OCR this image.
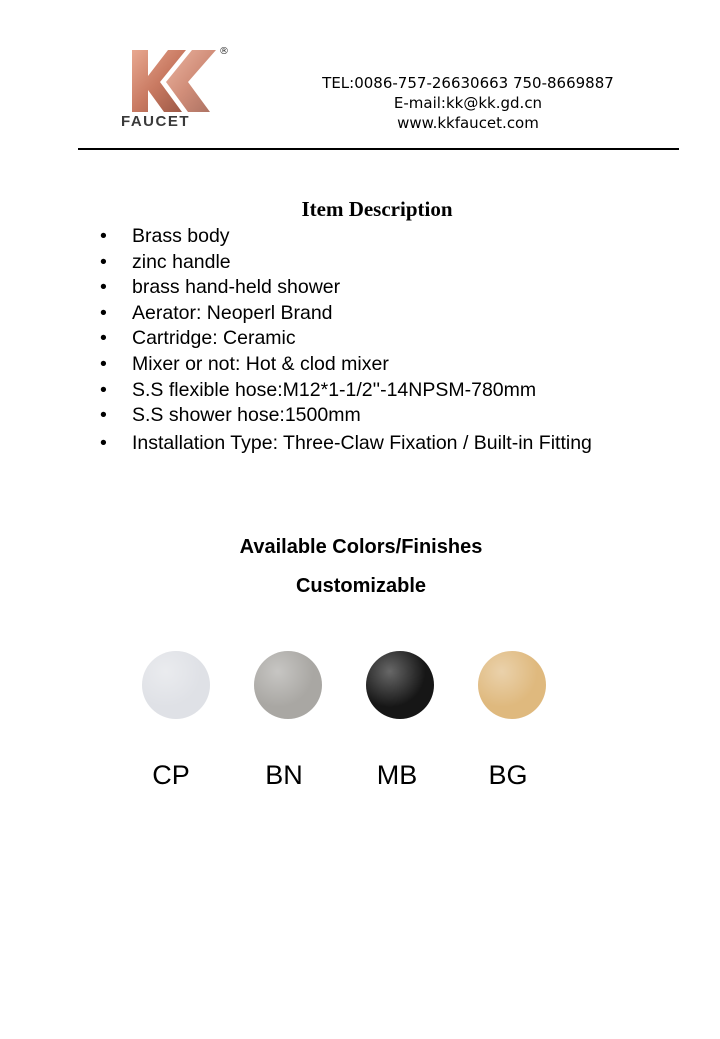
®
FAUCET
TEL:0086-757-26630663 750-8669887
E-mail:kk@kk.gd.cn
www.kkfaucet.com
Item Description
• Brass body
• zinc handle
• brass hand-held shower
• Aerator: Neoperl Brand
• Cartridge: Ceramic
• Mixer or not: Hot & clod mixer
• S.S flexible hose:M12*1-1/2''-14NPSM-780mm
• S.S shower hose:1500mm
• Installation Type: Three-Claw Fixation / Built-in Fitting
Available Colors/Finishes
Customizable
CP	BN	MB	BG
